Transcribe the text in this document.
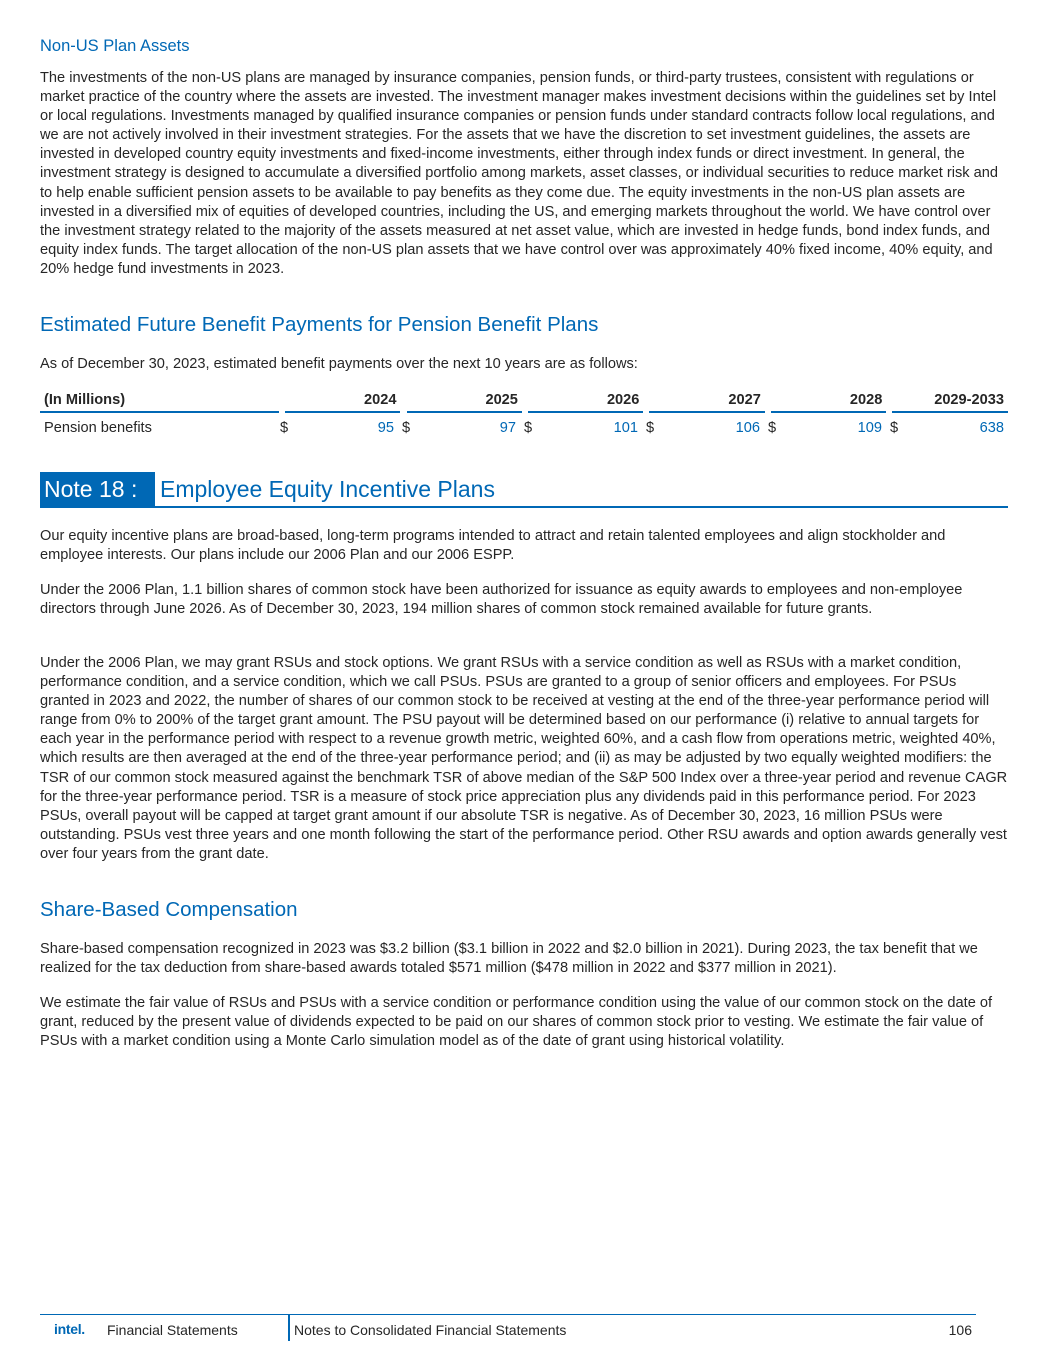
Non-US Plan Assets

The investments of the non-US plans are managed by insurance companies, pension funds, or third-party trustees, consistent with regulations or market practice of the country where the assets are invested. The investment manager makes investment decisions within the guidelines set by Intel or local regulations. Investments managed by qualified insurance companies or pension funds under standard contracts follow local regulations, and we are not actively involved in their investment strategies. For the assets that we have the discretion to set investment guidelines, the assets are invested in developed country equity investments and fixed-income investments, either through index funds or direct investment. In general, the investment strategy is designed to accumulate a diversified portfolio among markets, asset classes, or individual securities to reduce market risk and to help enable sufficient pension assets to be available to pay benefits as they come due. The equity investments in the non-US plan assets are invested in a diversified mix of equities of developed countries, including the US, and emerging markets throughout the world. We have control over the investment strategy related to the majority of the assets measured at net asset value, which are invested in hedge funds, bond index funds, and equity index funds. The target allocation of the non-US plan assets that we have control over was approximately 40% fixed income, 40% equity, and 20% hedge fund investments in 2023.

Estimated Future Benefit Payments for Pension Benefit Plans

As of December 30, 2023, estimated benefit payments over the next 10 years are as follows:

(In Millions)		2024		2025		2026		2027		2028		2029-2033
Pension benefits	$	95	$	97	$	101	$	106	$	109	$	638
Note 18 : Employee Equity Incentive Plans

Our equity incentive plans are broad-based, long-term programs intended to attract and retain talented employees and align stockholder and employee interests. Our plans include our 2006 Plan and our 2006 ESPP.

Under the 2006 Plan, 1.1 billion shares of common stock have been authorized for issuance as equity awards to employees and non-employee directors through June 2026. As of December 30, 2023, 194 million shares of common stock remained available for future grants.

Under the 2006 Plan, we may grant RSUs and stock options. We grant RSUs with a service condition as well as RSUs with a market condition, performance condition, and a service condition, which we call PSUs. PSUs are granted to a group of senior officers and employees. For PSUs granted in 2023 and 2022, the number of shares of our common stock to be received at vesting at the end of the three-year performance period will range from 0% to 200% of the target grant amount. The PSU payout will be determined based on our performance (i) relative to annual targets for each year in the performance period with respect to a revenue growth metric, weighted 60%, and a cash flow from operations metric, weighted 40%, which results are then averaged at the end of the three-year performance period; and (ii) as may be adjusted by two equally weighted modifiers: the TSR of our common stock measured against the benchmark TSR of above median of the S&P 500 Index over a three-year period and revenue CAGR for the three-year performance period. TSR is a measure of stock price appreciation plus any dividends paid in this performance period. For 2023 PSUs, overall payout will be capped at target grant amount if our absolute TSR is negative. As of December 30, 2023, 16 million PSUs were outstanding. PSUs vest three years and one month following the start of the performance period. Other RSU awards and option awards generally vest over four years from the grant date.

Share-Based Compensation

Share-based compensation recognized in 2023 was $3.2 billion ($3.1 billion in 2022 and $2.0 billion in 2021). During 2023, the tax benefit that we realized for the tax deduction from share-based awards totaled $571 million ($478 million in 2022 and $377 million in 2021).

We estimate the fair value of RSUs and PSUs with a service condition or performance condition using the value of our common stock on the date of grant, reduced by the present value of dividends expected to be paid on our shares of common stock prior to vesting. We estimate the fair value of PSUs with a market condition using a Monte Carlo simulation model as of the date of grant using historical volatility.

intel. Financial Statements	Notes to Consolidated Financial Statements	106
